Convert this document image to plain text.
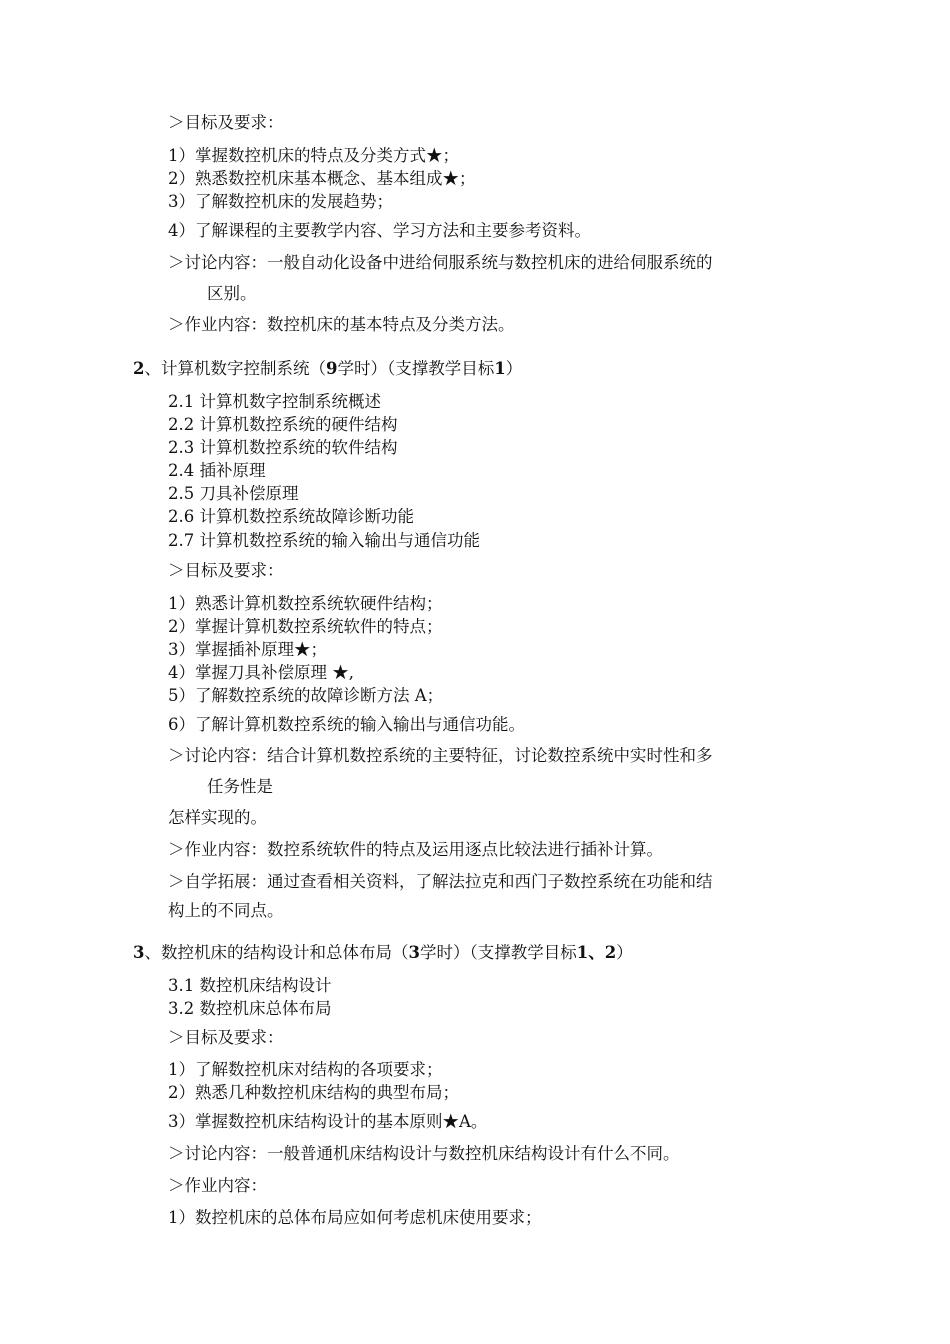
＞目标及要求：
1）掌握数控机床的特点及分类方式★；
2）熟悉数控机床基本概念、基本组成★；
3）了解数控机床的发展趋势；
4）了解课程的主要教学内容、学习方法和主要参考资料。
＞讨论内容：一般自动化设备中进给伺服系统与数控机床的进给伺服系统的
区别。
＞作业内容：数控机床的基本特点及分类方法。
2、计算机数字控制系统（9学时）（支撑教学目标1）
2.1 计算机数字控制系统概述
2.2 计算机数控系统的硬件结构
2.3 计算机数控系统的软件结构
2.4 插补原理
2.5 刀具补偿原理
2.6 计算机数控系统故障诊断功能
2.7 计算机数控系统的输入输出与通信功能
＞目标及要求：
1）熟悉计算机数控系统软硬件结构；
2）掌握计算机数控系统软件的特点；
3）掌握插补原理★；
4）掌握刀具补偿原理 ★,
5）了解数控系统的故障诊断方法 A；
6）了解计算机数控系统的输入输出与通信功能。
＞讨论内容：结合计算机数控系统的主要特征，讨论数控系统中实时性和多
任务性是
怎样实现的。
＞作业内容：数控系统软件的特点及运用逐点比较法进行插补计算。
＞自学拓展：通过查看相关资料，了解法拉克和西门子数控系统在功能和结
构上的不同点。
3、数控机床的结构设计和总体布局（3学时）（支撑教学目标1、2）
3.1 数控机床结构设计
3.2 数控机床总体布局
＞目标及要求：
1）了解数控机床对结构的各项要求；
2）熟悉几种数控机床结构的典型布局；
3）掌握数控机床结构设计的基本原则★A。
＞讨论内容：一般普通机床结构设计与数控机床结构设计有什么不同。
＞作业内容：
1）数控机床的总体布局应如何考虑机床使用要求；
